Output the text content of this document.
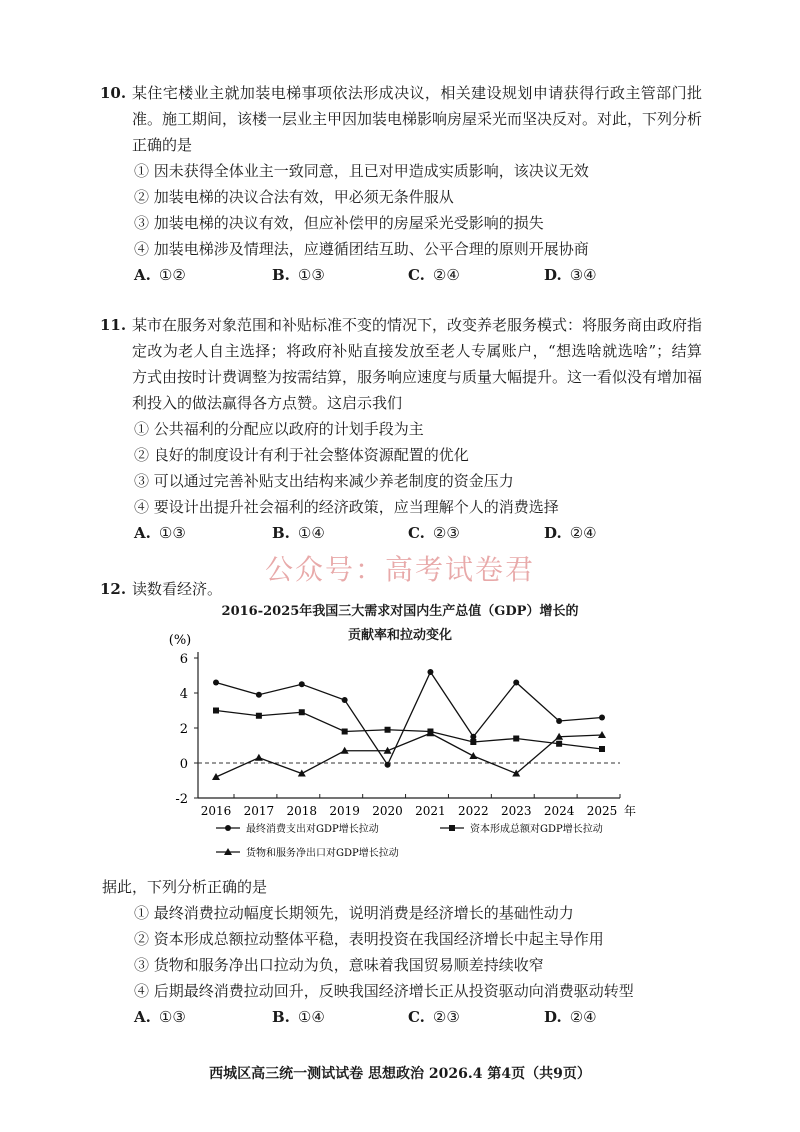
10. 某住宅楼业主就加装电梯事项依法形成决议，相关建设规划申请获得行政主管部门批准。施工期间，该楼一层业主甲因加装电梯影响房屋采光而坚决反对。对此，下列分析正确的是
① 因未获得全体业主一致同意，且已对甲造成实质影响，该决议无效
② 加装电梯的决议合法有效，甲必须无条件服从
③ 加装电梯的决议有效，但应补偿甲的房屋采光受影响的损失
④ 加装电梯涉及情理法，应遵循团结互助、公平合理的原则开展协商
A. ①②	B. ①③	C. ②④	D. ③④
11. 某市在服务对象范围和补贴标准不变的情况下，改变养老服务模式：将服务商由政府指定改为老人自主选择；将政府补贴直接发放至老人专属账户，“想选啥就选啥”；结算方式由按时计费调整为按需结算，服务响应速度与质量大幅提升。这一看似没有增加福利投入的做法赢得各方点赞。这启示我们
① 公共福利的分配应以政府的计划手段为主
② 良好的制度设计有利于社会整体资源配置的优化
③ 可以通过完善补贴支出结构来减少养老制度的资金压力
④ 要设计出提升社会福利的经济政策，应当理解个人的消费选择
A. ①③	B. ①④	C. ②③	D. ②④
公众号：高考试卷君
12. 读数看经济。
2016-2025年我国三大需求对国内生产总值（GDP）增长的
贡献率和拉动变化
-2
0
2
4
6
(%)
2016 2017 2018 2019 2020 2021 2022 2023 2024 2025 年
最终消费支出对GDP增长拉动	资本形成总额对GDP增长拉动
货物和服务净出口对GDP增长拉动
据此，下列分析正确的是
① 最终消费拉动幅度长期领先，说明消费是经济增长的基础性动力
② 资本形成总额拉动整体平稳，表明投资在我国经济增长中起主导作用
③ 货物和服务净出口拉动为负，意味着我国贸易顺差持续收窄
④ 后期最终消费拉动回升，反映我国经济增长正从投资驱动向消费驱动转型
A. ①③	B. ①④	C. ②③	D. ②④
西城区高三统一测试试卷 思想政治 2026.4 第4页（共9页）
